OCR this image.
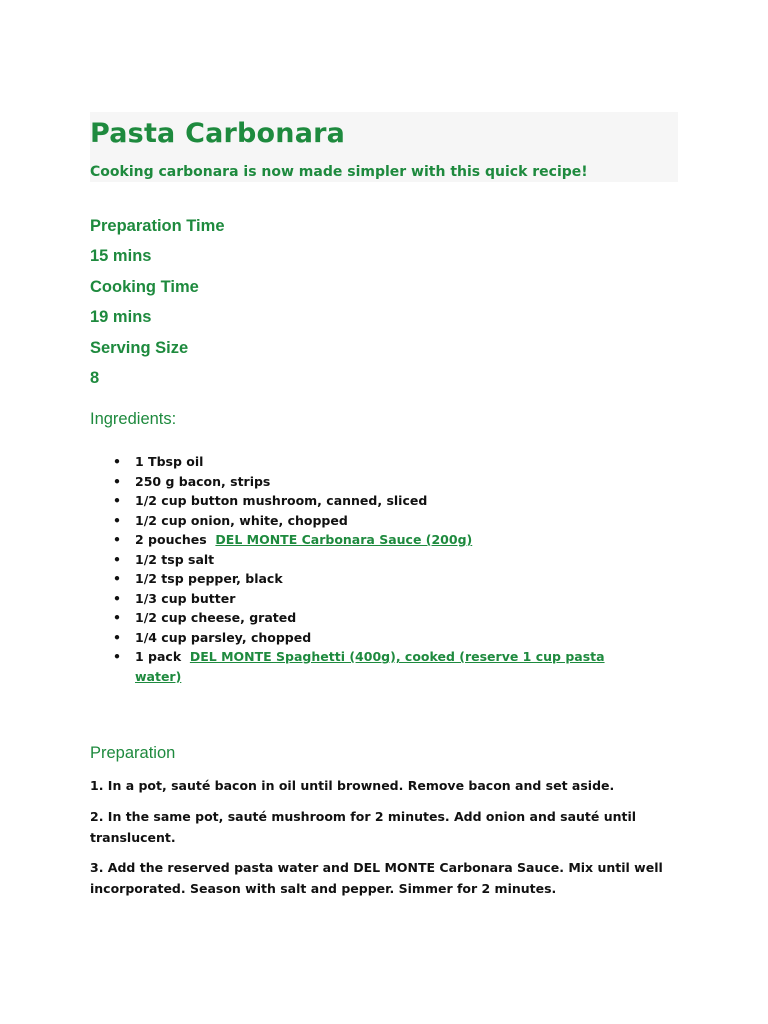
Pasta Carbonara

Cooking carbonara is now made simpler with this quick recipe!

Preparation Time

15 mins

Cooking Time

19 mins

Serving Size

8

Ingredients:

• 1 Tbsp oil
• 250 g bacon, strips
• 1/2 cup button mushroom, canned, sliced
• 1/2 cup onion, white, chopped
• 2 pouches  DEL MONTE Carbonara Sauce (200g)
• 1/2 tsp salt
• 1/2 tsp pepper, black
• 1/3 cup butter
• 1/2 cup cheese, grated
• 1/4 cup parsley, chopped
• 1 pack  DEL MONTE Spaghetti (400g), cooked (reserve 1 cup pasta water)

Preparation

1. In a pot, sauté bacon in oil until browned. Remove bacon and set aside.

2. In the same pot, sauté mushroom for 2 minutes. Add onion and sauté until translucent.

3. Add the reserved pasta water and DEL MONTE Carbonara Sauce. Mix until well incorporated. Season with salt and pepper. Simmer for 2 minutes.
